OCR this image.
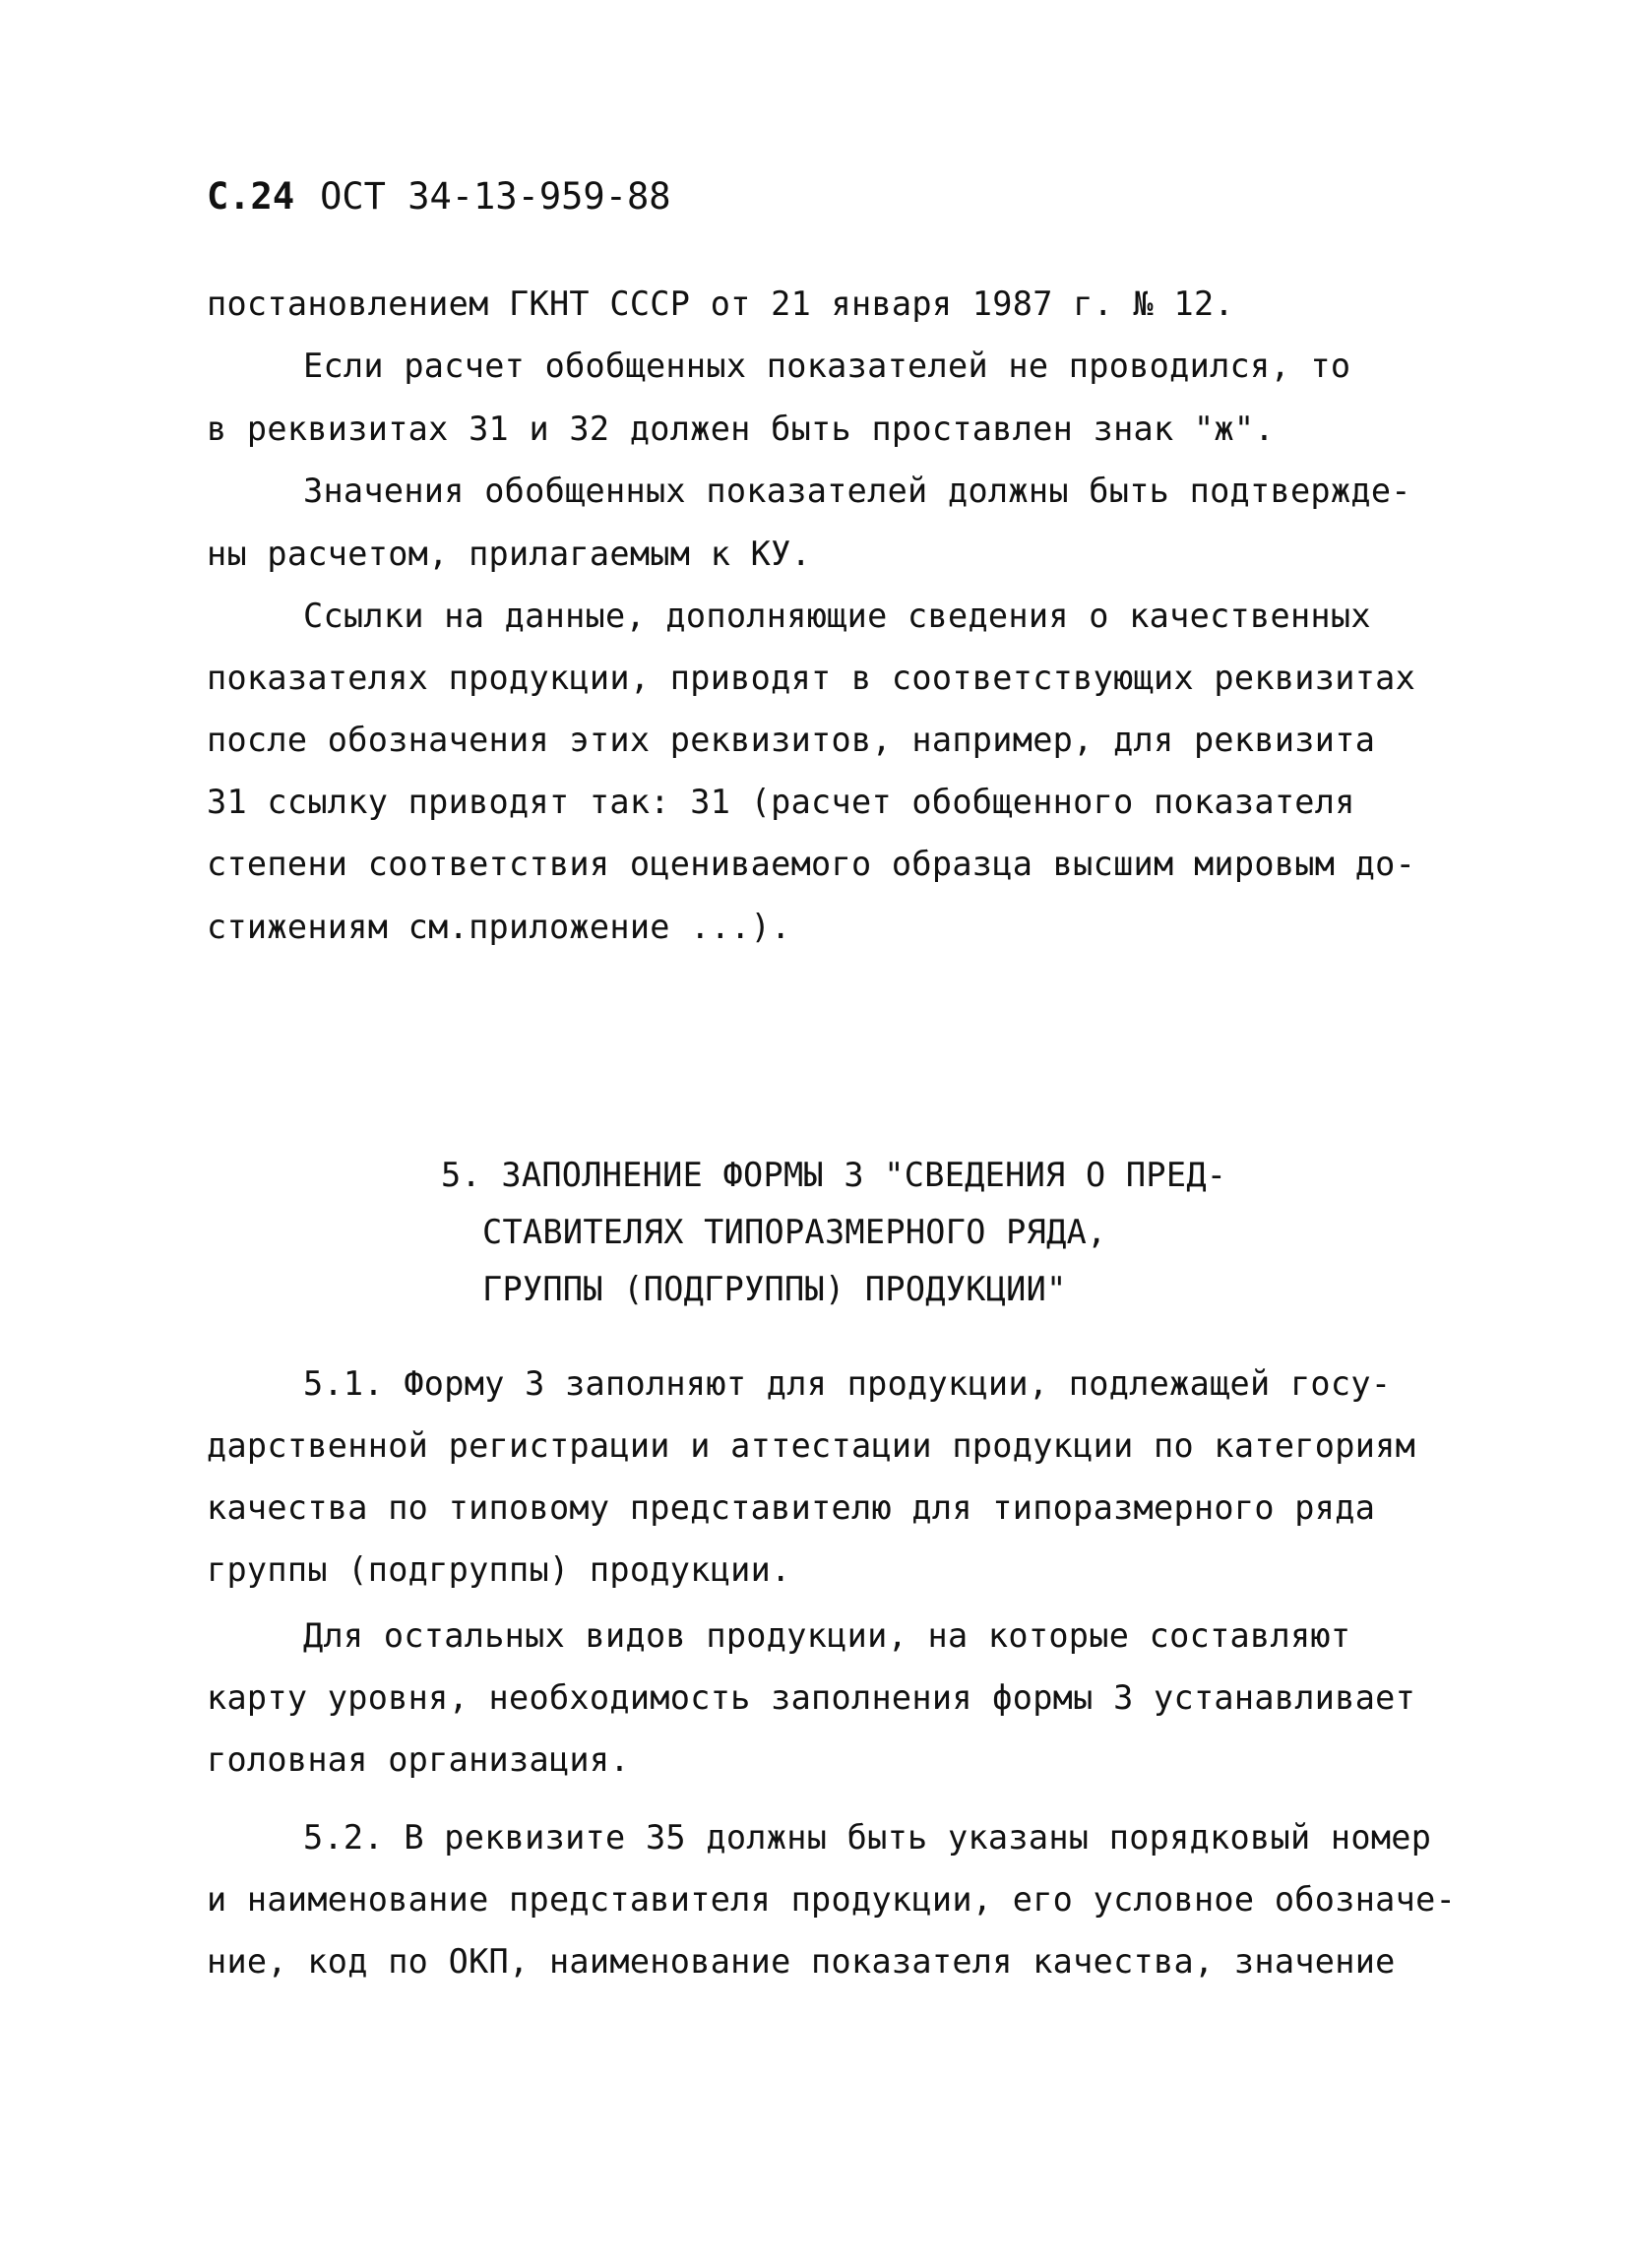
С.24 ОСТ 34-13-959-88
постановлением ГКНТ СССР от 21 января 1987 г. № 12.
Если расчет обобщенных показателей не проводился, то
в реквизитах 31 и 32 должен быть проставлен знак "ж".
Значения обобщенных показателей должны быть подтвержде-
ны расчетом, прилагаемым к КУ.
Ссылки на данные, дополняющие сведения о качественных
показателях продукции, приводят в соответствующих реквизитах
после обозначения этих реквизитов, например, для реквизита
31 ссылку приводят так: 31 (расчет обобщенного показателя
степени соответствия оцениваемого образца высшим мировым до-
стижениям см.приложение ...).
5. ЗАПОЛНЕНИЕ ФОРМЫ 3 "СВЕДЕНИЯ О ПРЕД-
СТАВИТЕЛЯХ ТИПОРАЗМЕРНОГО РЯДА,
ГРУППЫ (ПОДГРУППЫ) ПРОДУКЦИИ"
5.1. Форму 3 заполняют для продукции, подлежащей госу-
дарственной регистрации и аттестации продукции по категориям
качества по типовому представителю для типоразмерного ряда
группы (подгруппы) продукции.
Для остальных видов продукции, на которые составляют
карту уровня, необходимость заполнения формы 3 устанавливает
головная организация.
5.2. В реквизите 35 должны быть указаны порядковый номер
и наименование представителя продукции, его условное обозначе-
ние, код по ОКП, наименование показателя качества, значение
